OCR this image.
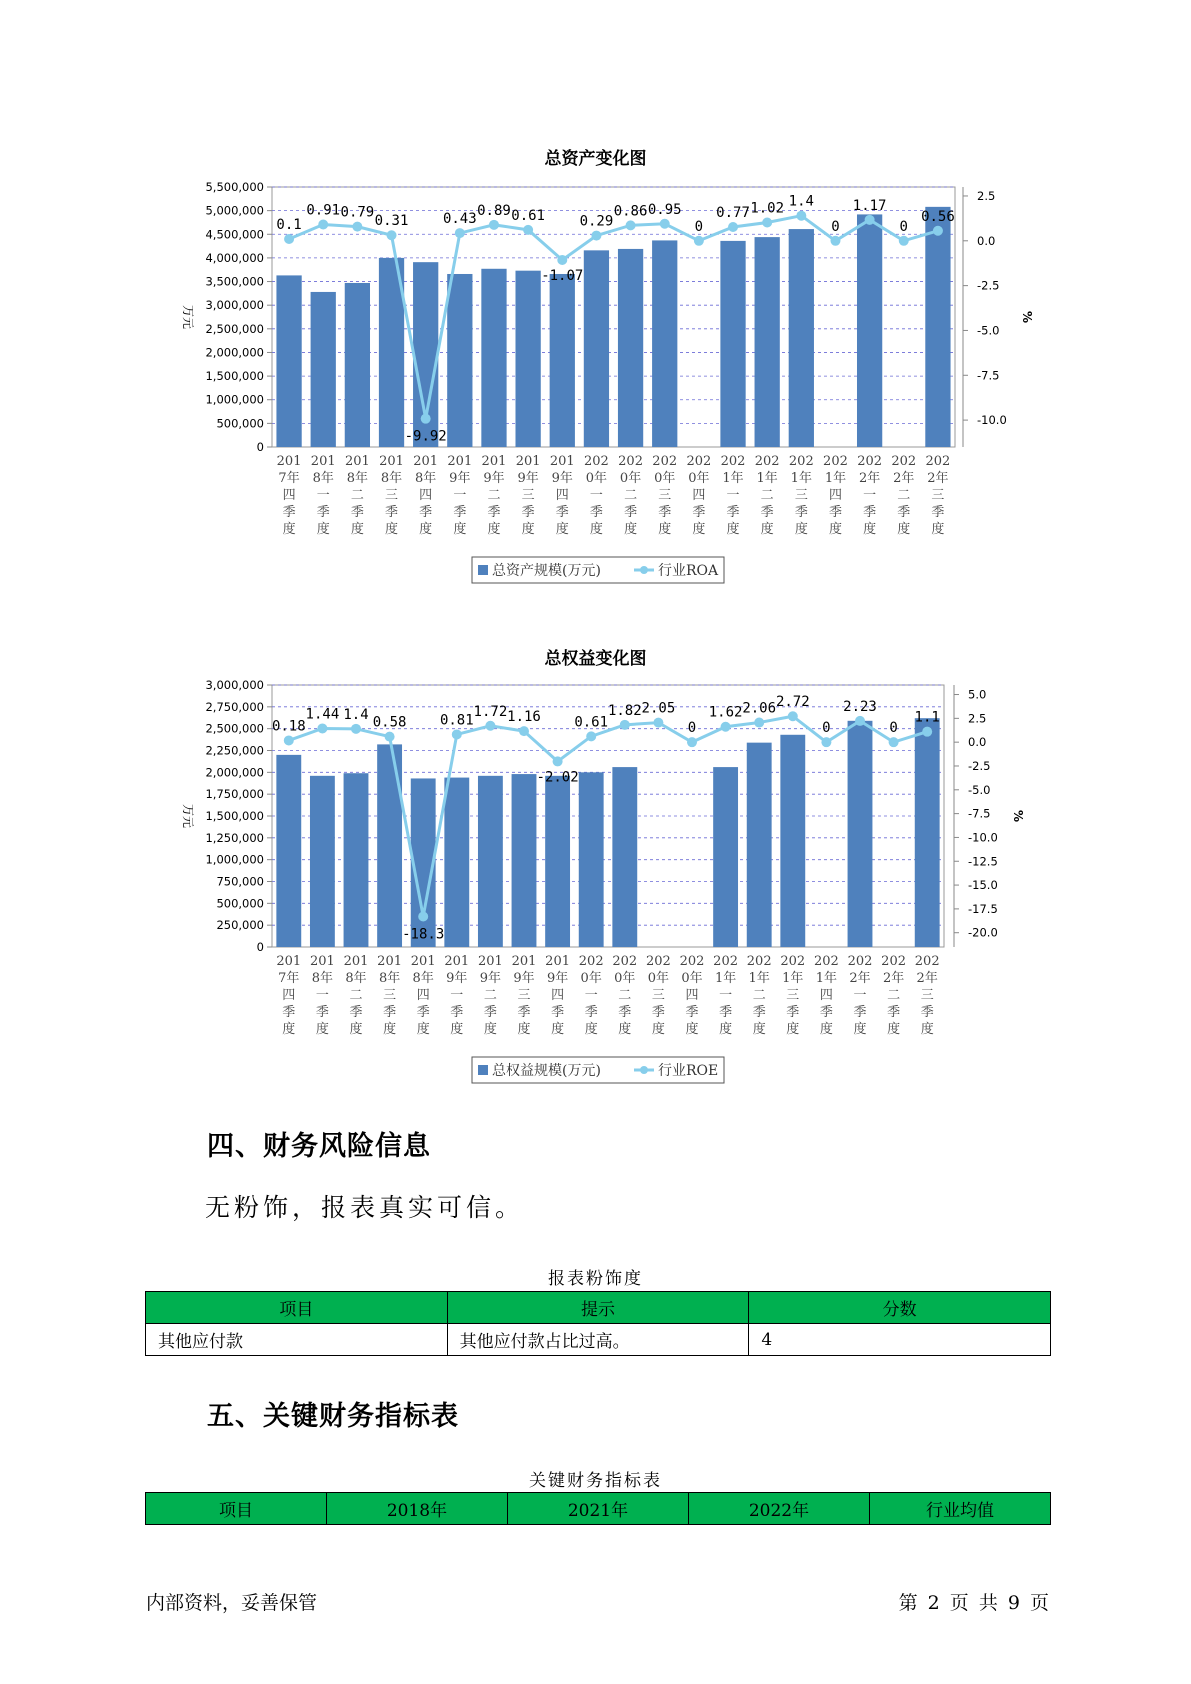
总资产变化图
0
500,000
1,000,000
1,500,000
2,000,000
2,500,000
3,000,000
3,500,000
4,000,000
4,500,000
5,000,000
5,500,000
-10.0
-7.5
-5.0
-2.5
0.0
2.5
万元	%
0.1
0.91 0.79
0.31
-9.92
0.43
0.89 0.61
-1.07
0.29
0.86 0.95
0
0.77 1.02 1.4
0
1.17
0
0.56
201 7年四季度
201 8年一季度
201 8年二季度
201 8年三季度
201 8年四季度
201 9年一季度
201 9年二季度
201 9年三季度
201 9年四季度
202 0年一季度
202 0年二季度
202 0年三季度
202 0年四季度
202 1年一季度
202 1年二季度
202 1年三季度
202 1年四季度
202 2年一季度
202 2年二季度
202 2年三季度
总资产规模(万元)	行业ROA
总权益变化图
0
250,000
500,000
750,000
1,000,000
1,250,000
1,500,000
1,750,000
2,000,000
2,250,000
2,500,000
2,750,000
3,000,000
-20.0
-17.5
-15.0
-12.5
-10.0
-7.5
-5.0
-2.5
0.0
2.5
5.0
万元	%
0.18
1.44 1.4 0.58
-18.3
0.81
1.72 1.16
-2.02
0.61
1.82 2.05
0
1.62 2.06 2.72
0
2.23
0
1.1
201 7年四季度
201 8年一季度
201 8年二季度
201 8年三季度
201 8年四季度
201 9年一季度
201 9年二季度
201 9年三季度
201 9年四季度
202 0年一季度
202 0年二季度
202 0年三季度
202 0年四季度
202 1年一季度
202 1年二季度
202 1年三季度
202 1年四季度
202 2年一季度
202 2年二季度
202 2年三季度
总权益规模(万元)	行业ROE
四、财务风险信息
无粉饰，报表真实可信。
报表粉饰度
项目	提示	分数
其他应付款	其他应付款占比过高。	4
五、关键财务指标表
关键财务指标表
项目	2018年	2021年	2022年	行业均值
内部资料，妥善保管	第 2 页 共 9 页
